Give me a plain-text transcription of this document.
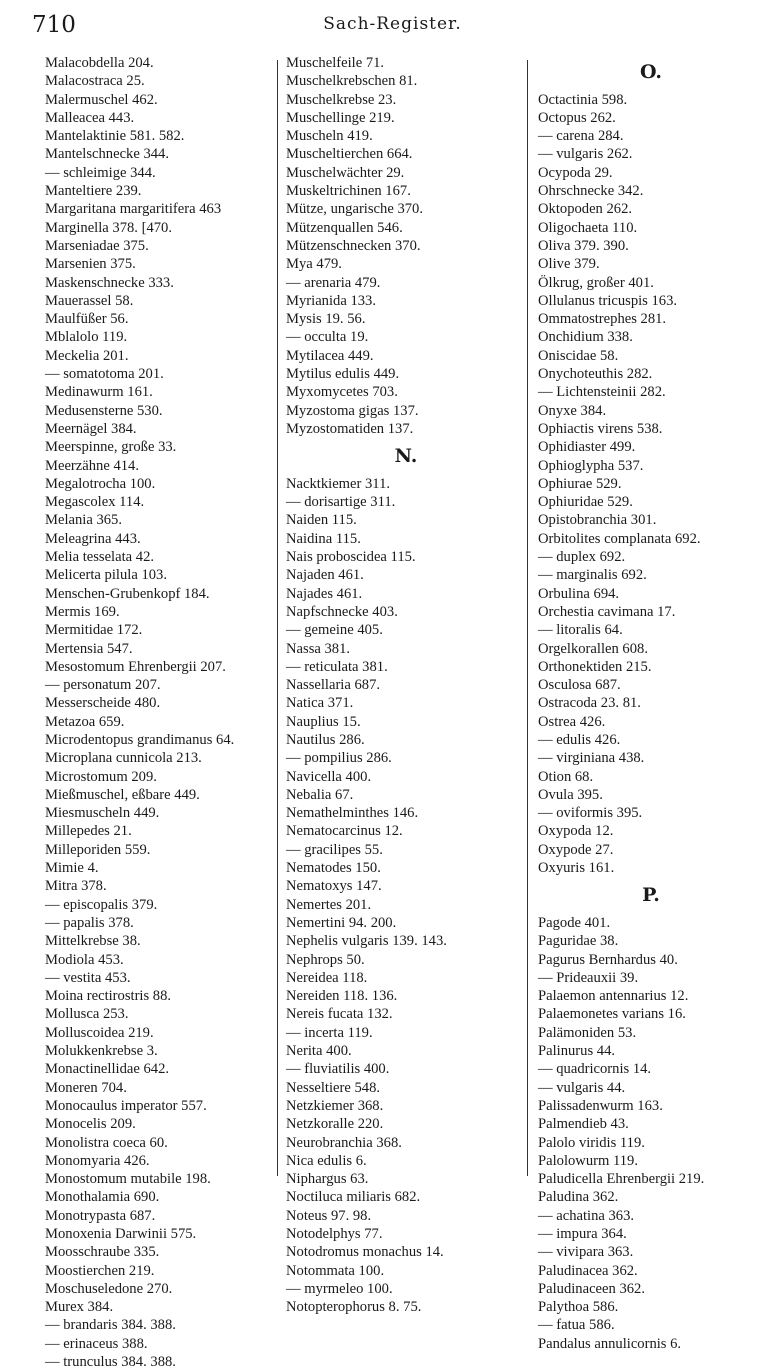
710	Sach-Register.
Malacobdella 204.
Malacostraca 25.
Malermuschel 462.
Malleacea 443.
Mantelaktinie 581. 582.
Mantelschnecke 344.
— schleimige 344.
Manteltiere 239.
Margaritana margaritifera 463
Marginella 378. [470.
Marseniadae 375.
Marsenien 375.
Maskenschnecke 333.
Mauerassel 58.
Maulfüßer 56.
Mblalolo 119.
Meckelia 201.
— somatotoma 201.
Medinawurm 161.
Medusensterne 530.
Meernägel 384.
Meerspinne, große 33.
Meerzähne 414.
Megalotrocha 100.
Megascolex 114.
Melania 365.
Meleagrina 443.
Melia tesselata 42.
Melicerta pilula 103.
Menschen-Grubenkopf 184.
Mermis 169.
Mermitidae 172.
Mertensia 547.
Mesostomum Ehrenbergii 207.
— personatum 207.
Messerscheide 480.
Metazoa 659.
Microdentopus grandimanus 64.
Microplana cunnicola 213.
Microstomum 209.
Mießmuschel, eßbare 449.
Miesmuscheln 449.
Millepedes 21.
Milleporiden 559.
Mimie 4.
Mitra 378.
— episcopalis 379.
— papalis 378.
Mittelkrebse 38.
Modiola 453.
— vestita 453.
Moina rectirostris 88.
Mollusca 253.
Molluscoidea 219.
Molukkenkrebse 3.
Monactinellidae 642.
Moneren 704.
Monocaulus imperator 557.
Monocelis 209.
Monolistra coeca 60.
Monomyaria 426.
Monostomum mutabile 198.
Monothalamia 690.
Monotrypasta 687.
Monoxenia Darwinii 575.
Moosschraube 335.
Moostierchen 219.
Moschuseledone 270.
Murex 384.
— brandaris 384. 388.
— erinaceus 388.
— trunculus 384. 388.
Muschelfeile 71.
Muschelkrebschen 81.
Muschelkrebse 23.
Muschellinge 219.
Muscheln 419.
Muscheltierchen 664.
Muschelwächter 29.
Muskeltrichinen 167.
Mütze, ungarische 370.
Mützenquallen 546.
Mützenschnecken 370.
Mya 479.
— arenaria 479.
Myrianida 133.
Mysis 19. 56.
— occulta 19.
Mytilacea 449.
Mytilus edulis 449.
Myxomycetes 703.
Myzostoma gigas 137.
Myzostomatiden 137.
N.
Nacktkiemer 311.
— dorisartige 311.
Naiden 115.
Naidina 115.
Nais proboscidea 115.
Najaden 461.
Najades 461.
Napfschnecke 403.
— gemeine 405.
Nassa 381.
— reticulata 381.
Nassellaria 687.
Natica 371.
Nauplius 15.
Nautilus 286.
— pompilius 286.
Navicella 400.
Nebalia 67.
Nemathelminthes 146.
Nematocarcinus 12.
— gracilipes 55.
Nematodes 150.
Nematoxys 147.
Nemertes 201.
Nemertini 94. 200.
Nephelis vulgaris 139. 143.
Nephrops 50.
Nereidea 118.
Nereiden 118. 136.
Nereis fucata 132.
— incerta 119.
Nerita 400.
— fluviatilis 400.
Nesseltiere 548.
Netzkiemer 368.
Netzkoralle 220.
Neurobranchia 368.
Nica edulis 6.
Niphargus 63.
Noctiluca miliaris 682.
Noteus 97. 98.
Notodelphys 77.
Notodromus monachus 14.
Notommata 100.
— myrmeleo 100.
Notopterophorus 8. 75.
O.
Octactinia 598.
Octopus 262.
— carena 284.
— vulgaris 262.
Ocypoda 29.
Ohrschnecke 342.
Oktopoden 262.
Oligochaeta 110.
Oliva 379. 390.
Olive 379.
Ölkrug, großer 401.
Ollulanus tricuspis 163.
Ommatostrephes 281.
Onchidium 338.
Oniscidae 58.
Onychoteuthis 282.
— Lichtensteinii 282.
Onyxe 384.
Ophiactis virens 538.
Ophidiaster 499.
Ophioglypha 537.
Ophiurae 529.
Ophiuridae 529.
Opistobranchia 301.
Orbitolites complanata 692.
— duplex 692.
— marginalis 692.
Orbulina 694.
Orchestia cavimana 17.
— litoralis 64.
Orgelkorallen 608.
Orthonektiden 215.
Osculosa 687.
Ostracoda 23. 81.
Ostrea 426.
— edulis 426.
— virginiana 438.
Otion 68.
Ovula 395.
— oviformis 395.
Oxypoda 12.
Oxypode 27.
Oxyuris 161.
P.
Pagode 401.
Paguridae 38.
Pagurus Bernhardus 40.
— Prideauxii 39.
Palaemon antennarius 12.
Palaemonetes varians 16.
Palämoniden 53.
Palinurus 44.
— quadricornis 14.
— vulgaris 44.
Palissadenwurm 163.
Palmendieb 43.
Palolo viridis 119.
Palolowurm 119.
Paludicella Ehrenbergii 219.
Paludina 362.
— achatina 363.
— impura 364.
— vivipara 363.
Paludinacea 362.
Paludinaceen 362.
Palythoa 586.
— fatua 586.
Pandalus annulicornis 6.
